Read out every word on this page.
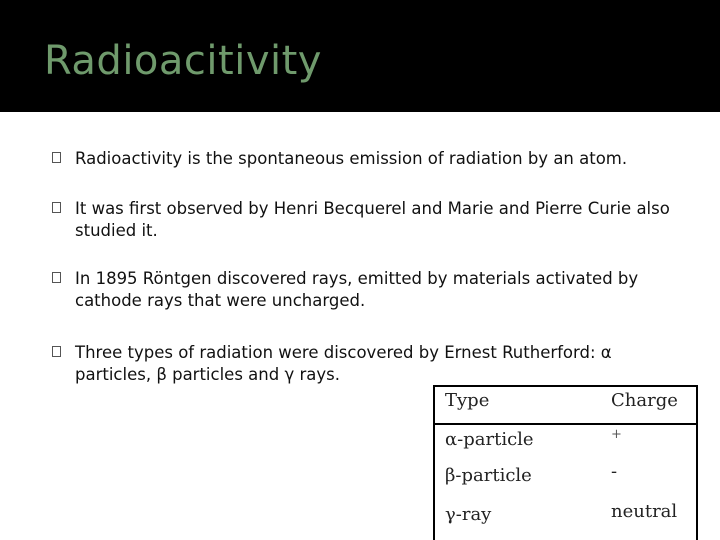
Radioacitivity
Radioactivity is the spontaneous emission of radiation by an atom.
It was first observed by Henri Becquerel and Marie and Pierre Curie also studied it.
In 1895 Röntgen discovered rays, emitted by materials activated by cathode rays that were uncharged.
Three types of radiation were discovered by Ernest Rutherford: α particles, β particles and γ rays.
Type	Charge
α-particle	+
β-particle	-
γ-ray	neutral
